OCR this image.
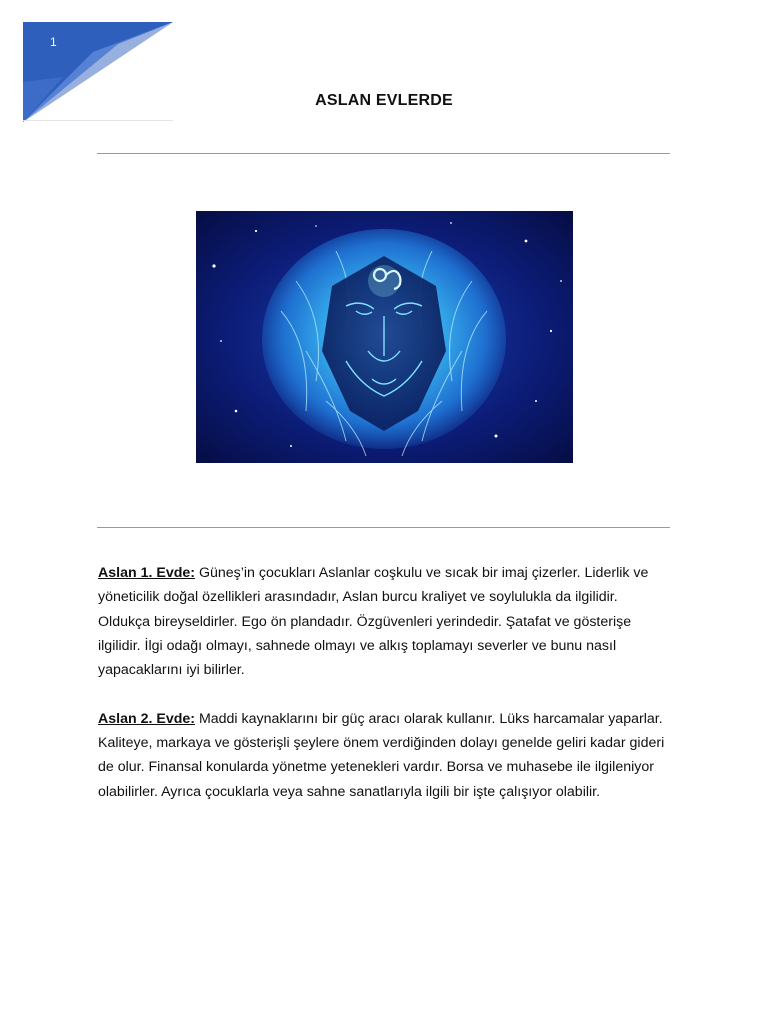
1
ASLAN EVLERDE

Aslan 1. Evde: Güneş’in çocukları Aslanlar coşkulu ve sıcak bir imaj çizerler. Liderlik ve yöneticilik doğal özellikleri arasındadır, Aslan burcu kraliyet ve soylulukla da ilgilidir. Oldukça bireyseldirler. Ego ön plandadır. Özgüvenleri yerindedir. Şatafat ve gösterişe ilgilidir. İlgi odağı olmayı, sahnede olmayı ve alkış toplamayı severler ve bunu nasıl yapacaklarını iyi bilirler.

Aslan 2. Evde: Maddi kaynaklarını bir güç aracı olarak kullanır. Lüks harcamalar yaparlar. Kaliteye, markaya ve gösterişli şeylere önem verdiğinden dolayı genelde geliri kadar gideri de olur. Finansal konularda yönetme yetenekleri vardır. Borsa ve muhasebe ile ilgileniyor olabilirler. Ayrıca çocuklarla veya sahne sanatlarıyla ilgili bir işte çalışıyor olabilir.
